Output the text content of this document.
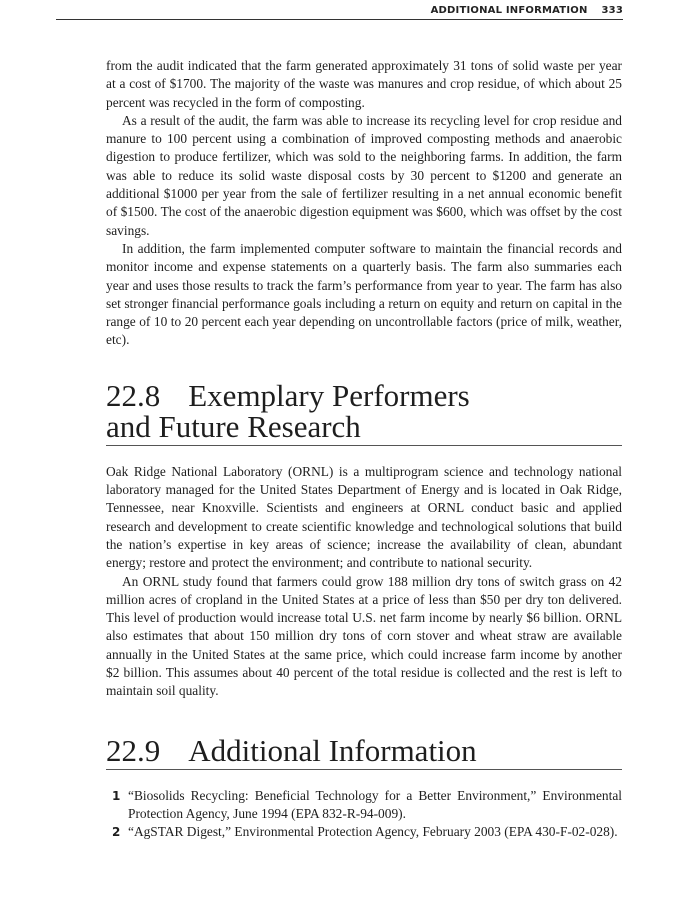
ADDITIONAL INFORMATION 333

from the audit indicated that the farm generated approximately 31 tons of solid waste per year at a cost of $1700. The majority of the waste was manures and crop residue, of which about 25 percent was recycled in the form of composting.

As a result of the audit, the farm was able to increase its recycling level for crop residue and manure to 100 percent using a combination of improved composting methods and anaerobic digestion to produce fertilizer, which was sold to the neighboring farms. In addition, the farm was able to reduce its solid waste disposal costs by 30 percent to $1200 and generate an additional $1000 per year from the sale of fertilizer resulting in a net annual economic benefit of $1500. The cost of the anaerobic digestion equipment was $600, which was offset by the cost savings.

In addition, the farm implemented computer software to maintain the financial records and monitor income and expense statements on a quarterly basis. The farm also summaries each year and uses those results to track the farm’s performance from year to year. The farm has also set stronger financial performance goals including a return on equity and return on capital in the range of 10 to 20 percent each year depending on uncontrollable factors (price of milk, weather, etc).

22.8 Exemplary Performers
and Future Research

Oak Ridge National Laboratory (ORNL) is a multiprogram science and technology national laboratory managed for the United States Department of Energy and is located in Oak Ridge, Tennessee, near Knoxville. Scientists and engineers at ORNL conduct basic and applied research and development to create scientific knowledge and technological solutions that build the nation’s expertise in key areas of science; increase the availability of clean, abundant energy; restore and protect the environment; and contribute to national security.

An ORNL study found that farmers could grow 188 million dry tons of switch grass on 42 million acres of cropland in the United States at a price of less than $50 per dry ton delivered. This level of production would increase total U.S. net farm income by nearly $6 billion. ORNL also estimates that about 150 million dry tons of corn stover and wheat straw are available annually in the United States at the same price, which could increase farm income by another $2 billion. This assumes about 40 percent of the total residue is collected and the rest is left to maintain soil quality.

22.9 Additional Information
1 “Biosolids Recycling: Beneficial Technology for a Better Environment,” Environmental Protection Agency, June 1994 (EPA 832-R-94-009).
2 “AgSTAR Digest,” Environmental Protection Agency, February 2003 (EPA 430-F-02-028).
